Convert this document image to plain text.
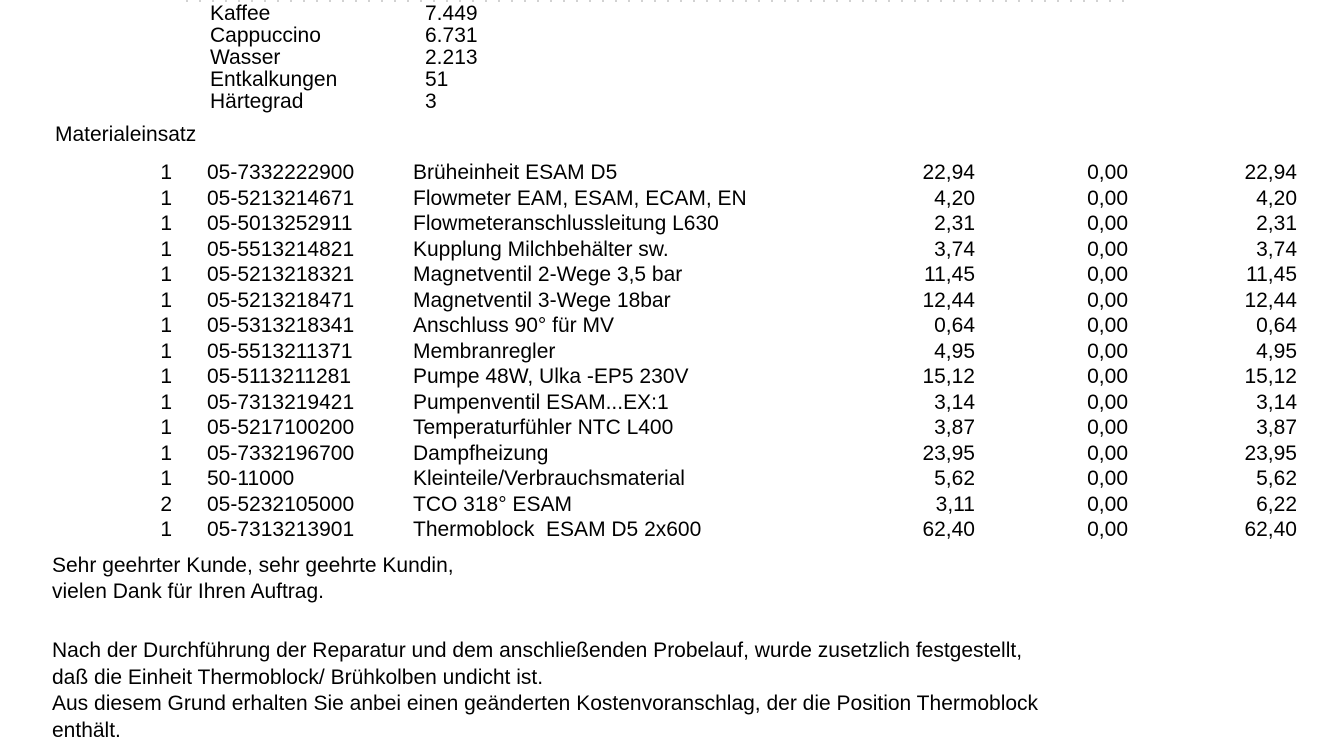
Kaffee	7.449
Cappuccino	6.731
Wasser	2.213
Entkalkungen	51
Härtegrad	3
Materialeinsatz
1	05-7332222900	Brüheinheit ESAM D5	22,94	0,00	22,94
1	05-5213214671	Flowmeter EAM, ESAM, ECAM, EN	4,20	0,00	4,20
1	05-5013252911	Flowmeteranschlussleitung L630	2,31	0,00	2,31
1	05-5513214821	Kupplung Milchbehälter sw.	3,74	0,00	3,74
1	05-5213218321	Magnetventil 2-Wege 3,5 bar	11,45	0,00	11,45
1	05-5213218471	Magnetventil 3-Wege 18bar	12,44	0,00	12,44
1	05-5313218341	Anschluss 90° für MV	0,64	0,00	0,64
1	05-5513211371	Membranregler	4,95	0,00	4,95
1	05-5113211281	Pumpe 48W, Ulka -EP5 230V	15,12	0,00	15,12
1	05-7313219421	Pumpenventil ESAM...EX:1	3,14	0,00	3,14
1	05-5217100200	Temperaturfühler NTC L400	3,87	0,00	3,87
1	05-7332196700	Dampfheizung	23,95	0,00	23,95
1	50-11000	Kleinteile/Verbrauchsmaterial	5,62	0,00	5,62
2	05-5232105000	TCO 318° ESAM	3,11	0,00	6,22
1	05-7313213901	Thermoblock  ESAM D5 2x600	62,40	0,00	62,40
Sehr geehrter Kunde, sehr geehrte Kundin,
vielen Dank für Ihren Auftrag.
Nach der Durchführung der Reparatur und dem anschließenden Probelauf, wurde zusetzlich festgestellt,
daß die Einheit Thermoblock/ Brühkolben undicht ist.
Aus diesem Grund erhalten Sie anbei einen geänderten Kostenvoranschlag, der die Position Thermoblock
enthält.
